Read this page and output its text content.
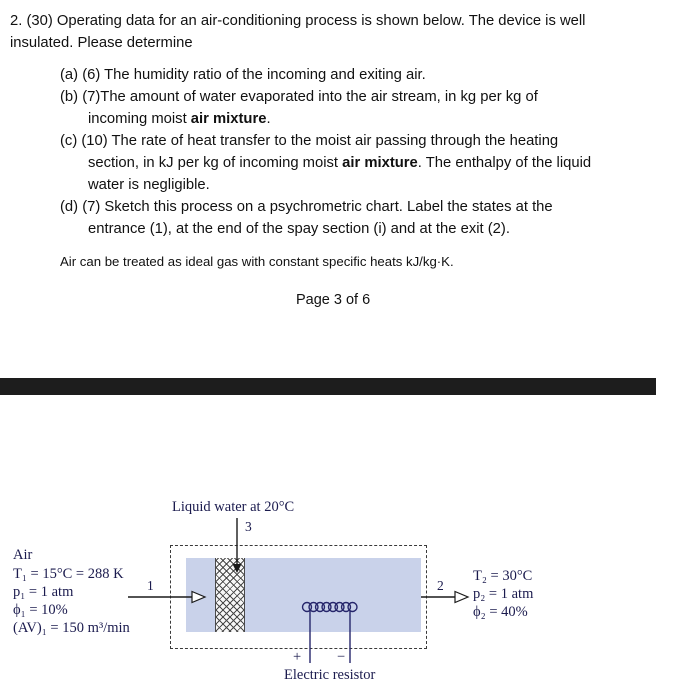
2. (30) Operating data for an air-conditioning process is shown below. The device is well
insulated. Please determine
(a) (6) The humidity ratio of the incoming and exiting air.
(b) (7)The amount of water evaporated into the air stream, in kg per kg of
incoming moist air mixture.
(c) (10) The rate of heat transfer to the moist air passing through the heating
section, in kJ per kg of incoming moist air mixture. The enthalpy of the liquid
water is negligible.
(d) (7) Sketch this process on a psychrometric chart. Label the states at the
entrance (1), at the end of the spay section (i) and at the exit (2).
Air can be treated as ideal gas with constant specific heats kJ/kg·K.
Page 3 of 6
Liquid water at 20°C
3
1	2
Air
T₁ = 15°C = 288 K
p₁ = 1 atm
ϕ₁ = 10%
(AV)₁ = 150 m³/min
T₂ = 30°C
p₂ = 1 atm
ϕ₂ = 40%
+ −
Electric resistor
